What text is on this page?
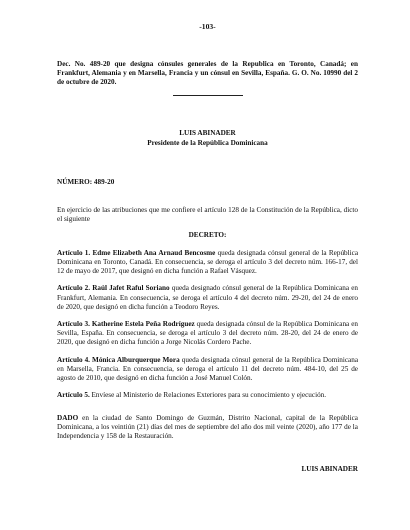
-103-
Dec. No. 489-20 que designa cónsules generales de la Republica en Toronto, Canadá; en Frankfurt, Alemania y en Marsella, Francia y un cónsul en Sevilla, España. G. O. No. 10990 del 2 de octubre de 2020.
LUIS ABINADER
Presidente de la República Dominicana
NÚMERO: 489-20
En ejercicio de las atribuciones que me confiere el artículo 128 de la Constitución de la República, dicto el siguiente
DECRETO:
Artículo 1. Edme Elizabeth Ana Arnaud Bencosme queda designada cónsul general de la República Dominicana en Toronto, Canadá. En consecuencia, se deroga el artículo 3 del decreto núm. 166-17, del 12 de mayo de 2017, que designó en dicha función a Rafael Vásquez.
Artículo 2. Raúl Jafet Raful Soriano queda designado cónsul general de la República Dominicana en Frankfurt, Alemania. En consecuencia, se deroga el artículo 4 del decreto núm. 29-20, del 24 de enero de 2020, que designó en dicha función a Teodoro Reyes.
Artículo 3. Katherine Estela Peña Rodríguez queda designada cónsul de la República Dominicana en Sevilla, España. En consecuencia, se deroga el artículo 3 del decreto núm. 28-20, del 24 de enero de 2020, que designó en dicha función a Jorge Nicolás Cordero Pache.
Artículo 4. Mónica Alburquerque Mora queda designada cónsul general de la República Dominicana en Marsella, Francia. En consecuencia, se deroga el artículo 11 del decreto núm. 484-10, del 25 de agosto de 2010, que designó en dicha función a José Manuel Colón.
Artículo 5. Envíese al Ministerio de Relaciones Exteriores para su conocimiento y ejecución.
DADO en la ciudad de Santo Domingo de Guzmán, Distrito Nacional, capital de la República Dominicana, a los veintiún (21) días del mes de septiembre del año dos mil veinte (2020), año 177 de la Independencia y 158 de la Restauración.
LUIS ABINADER
